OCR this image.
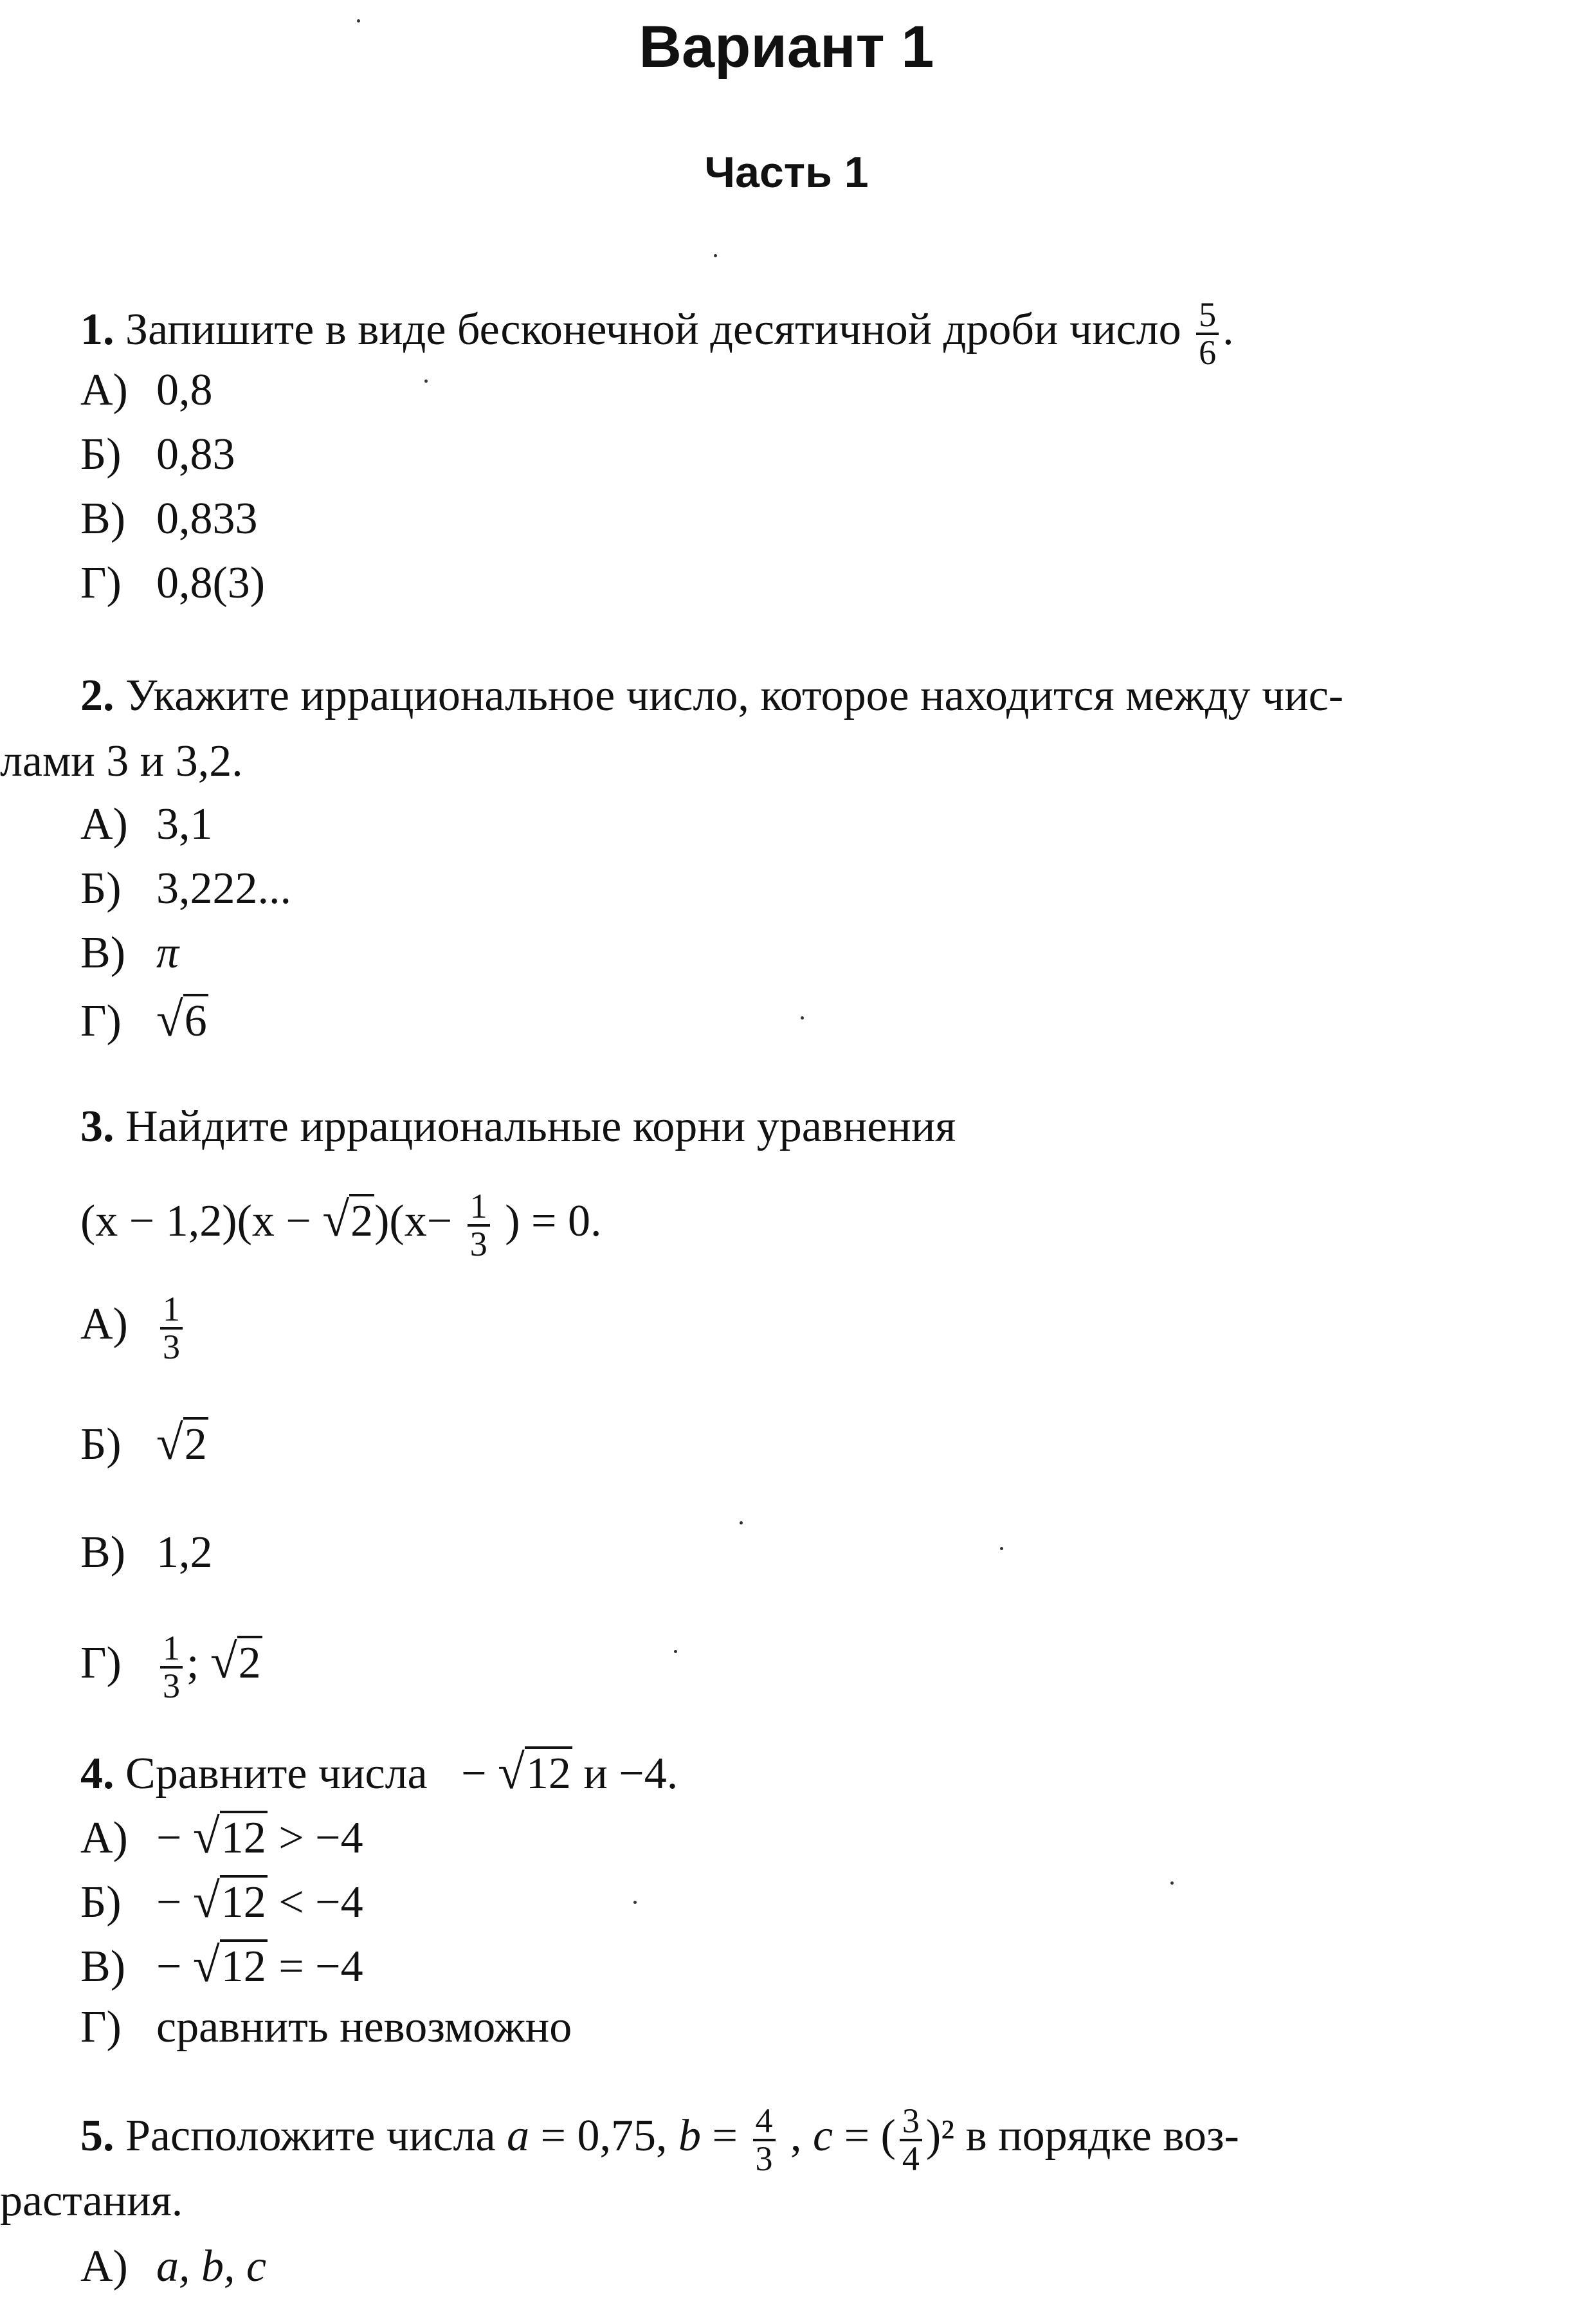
Вариант 1
Часть 1
1. Запишите в виде бесконечной десятичной дроби число $\frac{5}{6}$ .
А) 0,8
Б) 0,83
В) 0,833
Г) 0,8(3)
2. Укажите иррациональное число, которое находится между чис-
лами 3 и 3,2.
А) 3,1
Б) 3,222...
В) π
Г) √6
3. Найдите иррациональные корни уравнения
$(x - 1,2)(x - √2)(x- \frac{1}{3}$ ) = 0.
$А) \frac{1}{3}$
Б) √2
В) 1,2
$Г) \frac{1}{3}$ ; √2
4. Сравните числа − √12 и −4.
А) − √12 > −4
Б) − √12 < −4
В) − √12 = −4
Г) сравнить невозможно
5. Расположите числа a = 0,75, $b = \frac{4}{3}$ , c = ( $\frac{3}{4} )^2$ в порядке воз-
растания.
А) a, b, c
